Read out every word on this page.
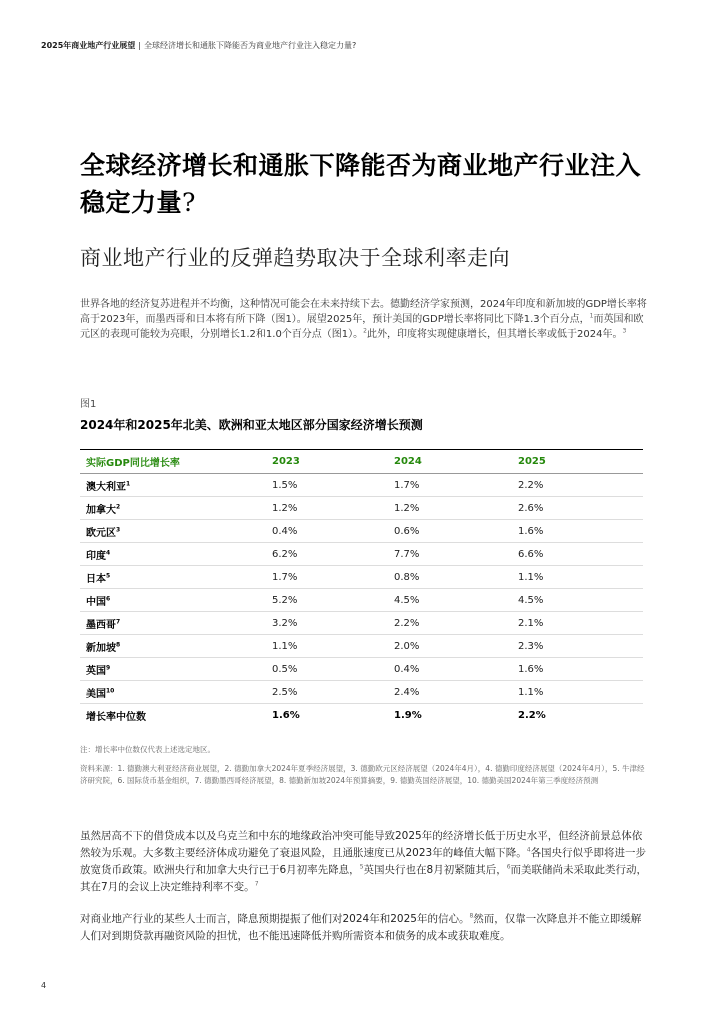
2025年商业地产行业展望 | 全球经济增长和通胀下降能否为商业地产行业注入稳定力量?
全球经济增长和通胀下降能否为商业地产行业注入稳定力量?
商业地产行业的反弹趋势取决于全球利率走向

世界各地的经济复苏进程并不均衡，这种情况可能会在未来持续下去。德勤经济学家预测，2024年印度和新加坡的GDP增长率将高于2023年，而墨西哥和日本将有所下降（图1）。展望2025年，预计美国的GDP增长率将同比下降1.3个百分点，$^1$而英国和欧元区的表现可能较为亮眼，分别增长1.2和1.0个百分点（图1）。$^2$此外，印度将实现健康增长，但其增长率或低于2024年。$^3$

图1
2024年和2025年北美、欧洲和亚太地区部分国家经济增长预测
实际GDP同比增长率	2023	2024	2025
澳大利亚$^1$	1.5%	1.7%	2.2%
加拿大$^2$	1.2%	1.2%	2.6%
欧元区$^3$	0.4%	0.6%	1.6%
印度$^4$	6.2%	7.7%	6.6%
日本$^5$	1.7%	0.8%	1.1%
中国$^6$	5.2%	4.5%	4.5%
墨西哥$^7$	3.2%	2.2%	2.1%
新加坡$^8$	1.1%	2.0%	2.3%
英国$^9$	0.5%	0.4%	1.6%
美国$^{10}$	2.5%	2.4%	1.1%
增长率中位数	1.6%	1.9%	2.2%

注：增长率中位数仅代表上述选定地区。

资料来源：1. 德勤澳大利亚经济商业展望，2. 德勤加拿大2024年夏季经济展望，3. 德勤欧元区经济展望（2024年4月），4. 德勤印度经济展望（2024年4月），5. 牛津经济研究院，6. 国际货币基金组织，7. 德勤墨西哥经济展望，8. 德勤新加坡2024年预算摘要，9. 德勤英国经济展望，10. 德勤美国2024年第三季度经济预测

虽然居高不下的借贷成本以及乌克兰和中东的地缘政治冲突可能导致2025年的经济增长低于历史水平，但经济前景总体依然较为乐观。大多数主要经济体成功避免了衰退风险，且通胀速度已从2023年的峰值大幅下降。$^4$各国央行似乎即将进一步放宽货币政策。欧洲央行和加拿大央行已于6月初率先降息，$^5$英国央行也在8月初紧随其后，$^6$而美联储尚未采取此类行动，其在7月的会议上决定维持利率不变。$^7$

对商业地产行业的某些人士而言，降息预期提振了他们对2024年和2025年的信心。$^8$然而，仅靠一次降息并不能立即缓解人们对到期贷款再融资风险的担忧，也不能迅速降低并购所需资本和债务的成本或获取难度。

4
